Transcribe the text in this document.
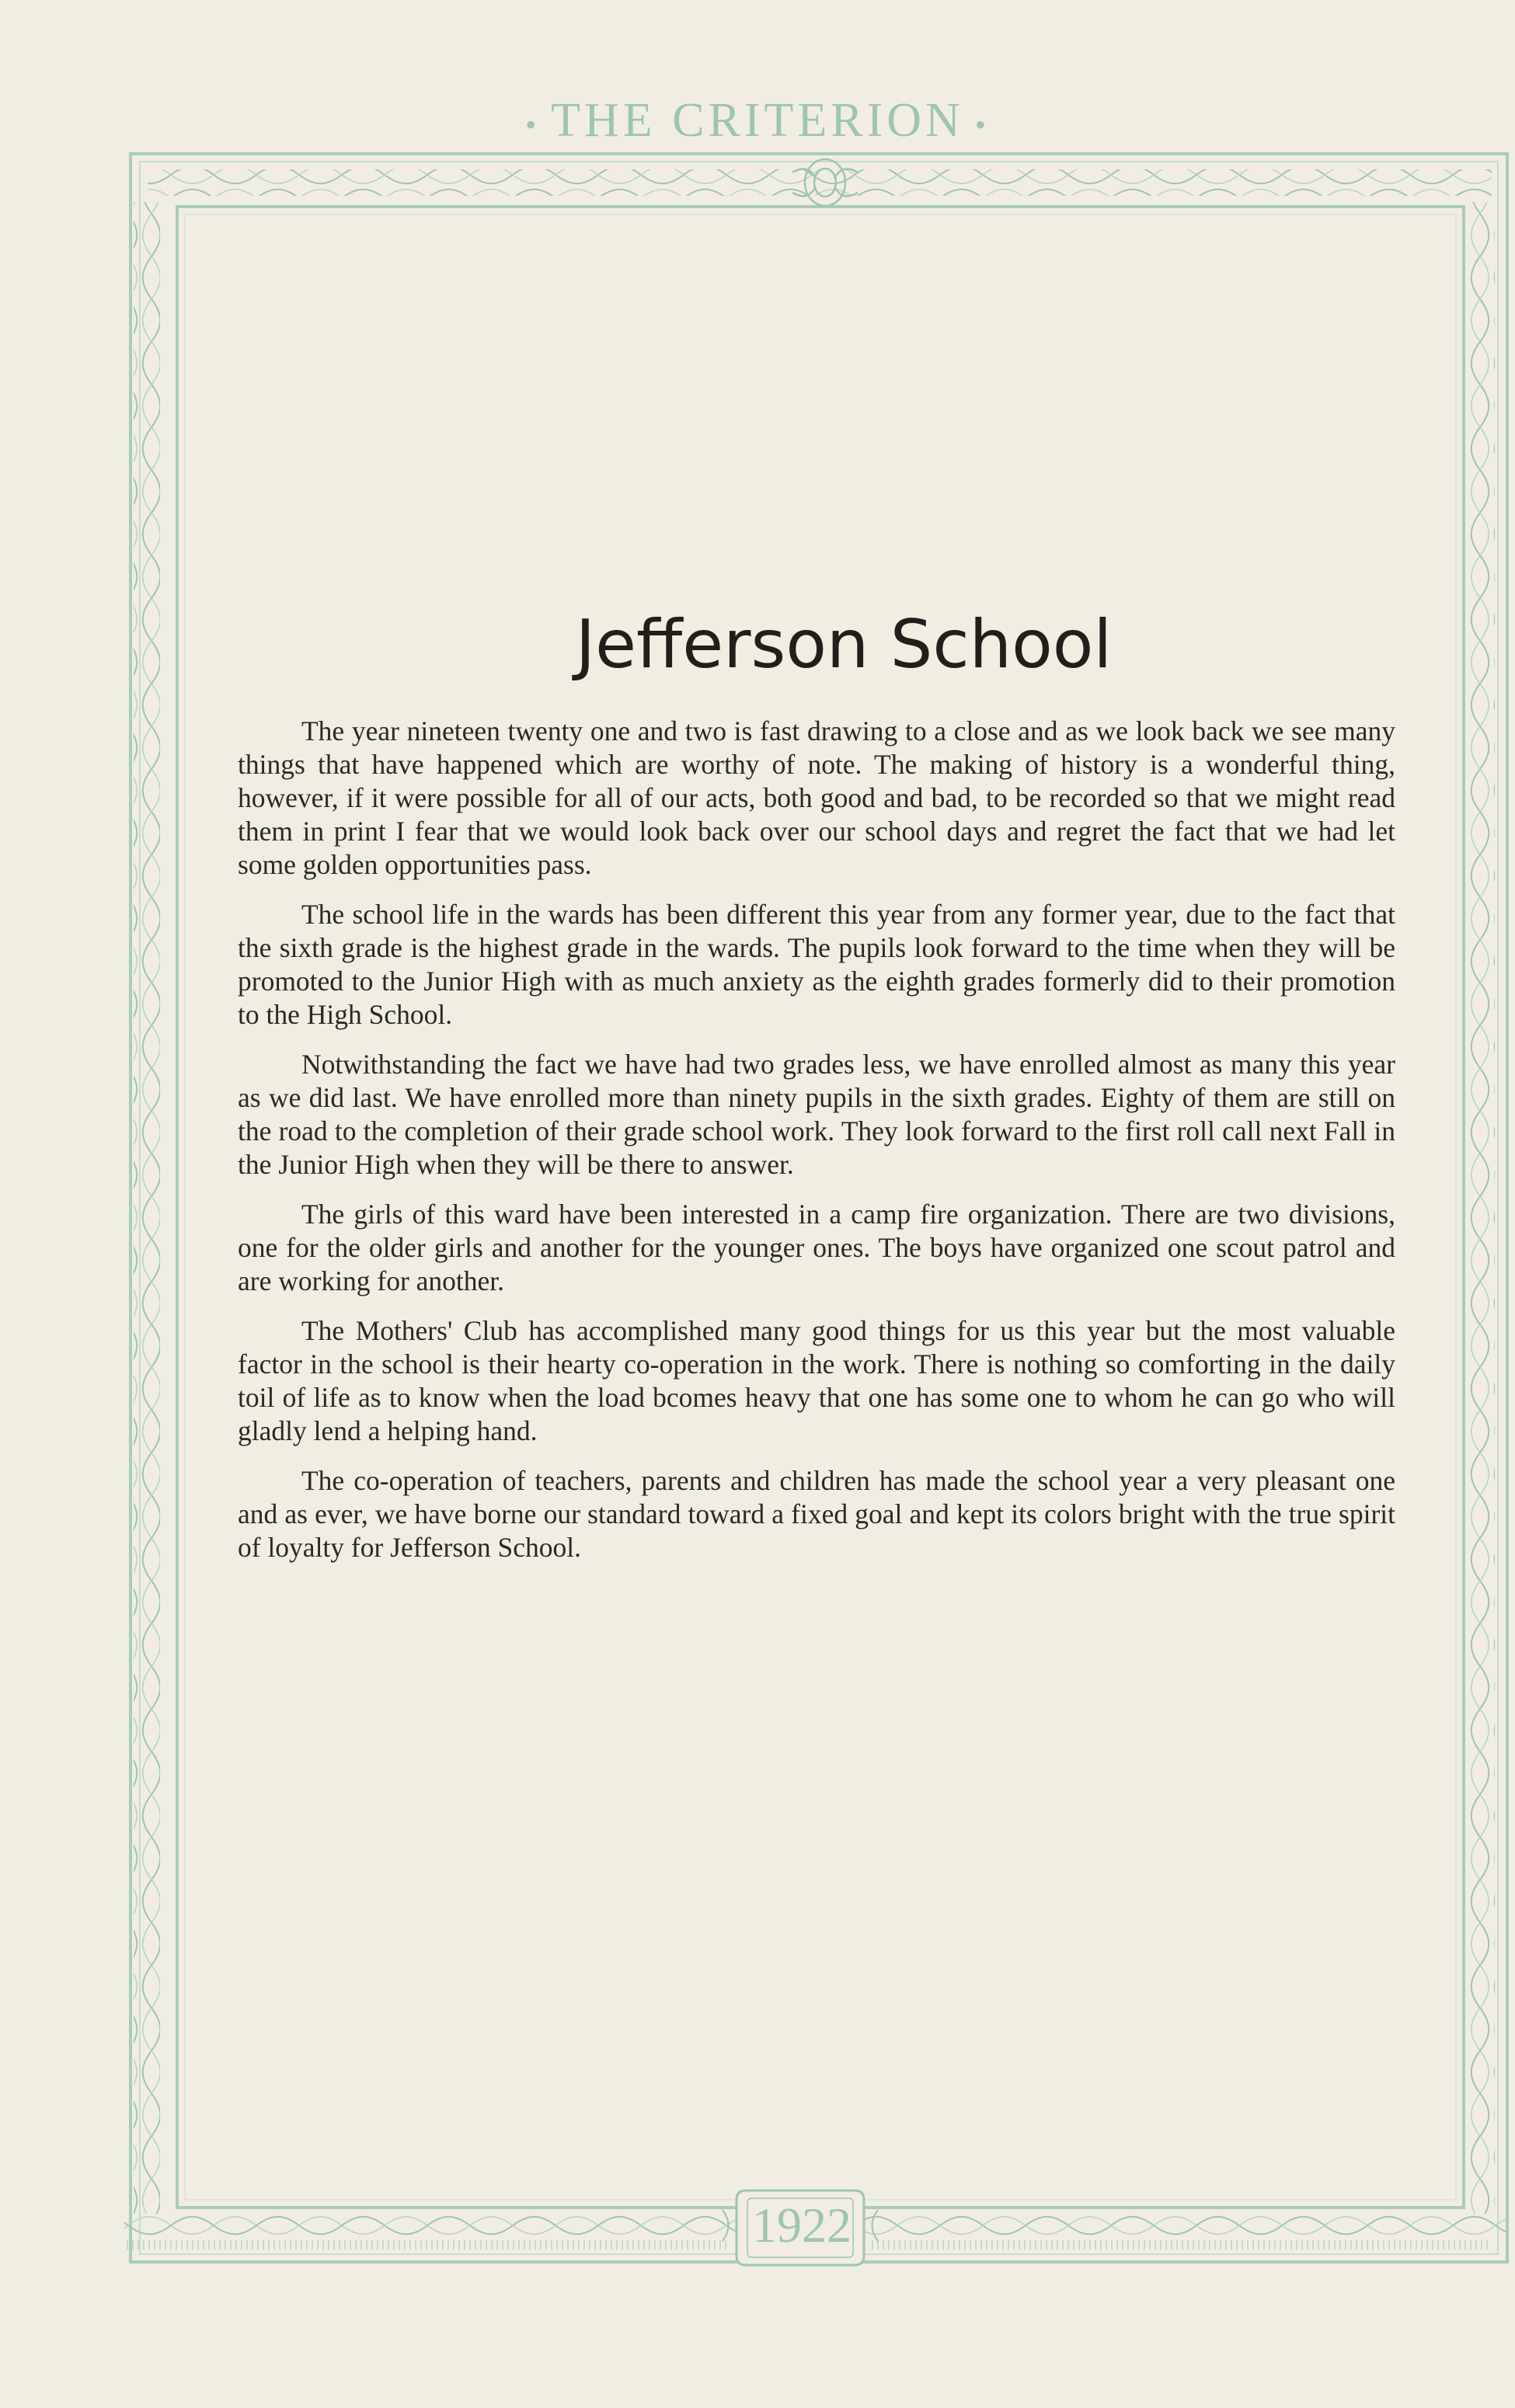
• THE CRITERION •
1922
Jefferson School

The year nineteen twenty one and two is fast drawing to a close and as we look back we see many things that have happened which are worthy of note. The making of history is a wonderful thing, however, if it were possible for all of our acts, both good and bad, to be recorded so that we might read them in print I fear that we would look back over our school days and regret the fact that we had let some golden opportunities pass.

The school life in the wards has been different this year from any former year, due to the fact that the sixth grade is the highest grade in the wards. The pupils look forward to the time when they will be promoted to the Junior High with as much anxiety as the eighth grades formerly did to their promotion to the High School.

Notwithstanding the fact we have had two grades less, we have enrolled almost as many this year as we did last. We have enrolled more than ninety pupils in the sixth grades. Eighty of them are still on the road to the completion of their grade school work. They look forward to the first roll call next Fall in the Junior High when they will be there to answer.

The girls of this ward have been interested in a camp fire organization. There are two divisions, one for the older girls and another for the younger ones. The boys have organized one scout patrol and are working for another.

The Mothers' Club has accomplished many good things for us this year but the most valuable factor in the school is their hearty co-operation in the work. There is nothing so comforting in the daily toil of life as to know when the load bcomes heavy that one has some one to whom he can go who will gladly lend a helping hand.

The co-operation of teachers, parents and children has made the school year a very pleasant one and as ever, we have borne our standard toward a fixed goal and kept its colors bright with the true spirit of loyalty for Jefferson School.
